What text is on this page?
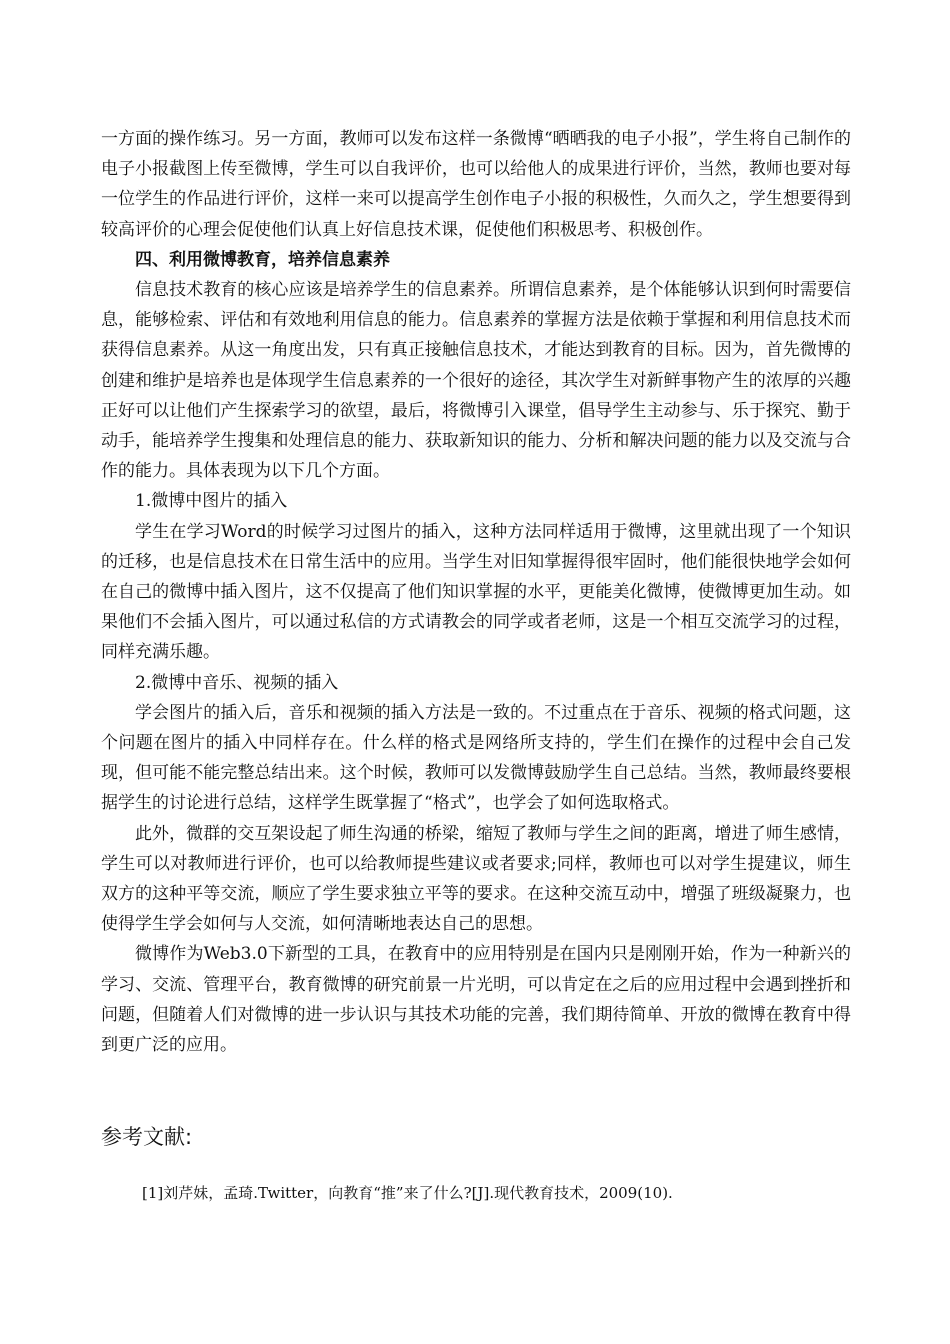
一方面的操作练习。另一方面，教师可以发布这样一条微博“晒晒我的电子小报”，学生将自己制作的电子小报截图上传至微博，学生可以自我评价，也可以给他人的成果进行评价，当然，教师也要对每一位学生的作品进行评价，这样一来可以提高学生创作电子小报的积极性，久而久之，学生想要得到较高评价的心理会促使他们认真上好信息技术课，促使他们积极思考、积极创作。

四、利用微博教育，培养信息素养

信息技术教育的核心应该是培养学生的信息素养。所谓信息素养，是个体能够认识到何时需要信息，能够检索、评估和有效地利用信息的能力。信息素养的掌握方法是依赖于掌握和利用信息技术而获得信息素养。从这一角度出发，只有真正接触信息技术，才能达到教育的目标。因为，首先微博的创建和维护是培养也是体现学生信息素养的一个很好的途径，其次学生对新鲜事物产生的浓厚的兴趣正好可以让他们产生探索学习的欲望，最后，将微博引入课堂，倡导学生主动参与、乐于探究、勤于动手，能培养学生搜集和处理信息的能力、获取新知识的能力、分析和解决问题的能力以及交流与合作的能力。具体表现为以下几个方面。

1.微博中图片的插入

学生在学习Word的时候学习过图片的插入，这种方法同样适用于微博，这里就出现了一个知识的迁移，也是信息技术在日常生活中的应用。当学生对旧知掌握得很牢固时，他们能很快地学会如何在自己的微博中插入图片，这不仅提高了他们知识掌握的水平，更能美化微博，使微博更加生动。如果他们不会插入图片，可以通过私信的方式请教会的同学或者老师，这是一个相互交流学习的过程，同样充满乐趣。

2.微博中音乐、视频的插入

学会图片的插入后，音乐和视频的插入方法是一致的。不过重点在于音乐、视频的格式问题，这个问题在图片的插入中同样存在。什么样的格式是网络所支持的，学生们在操作的过程中会自己发现，但可能不能完整总结出来。这个时候，教师可以发微博鼓励学生自己总结。当然，教师最终要根据学生的讨论进行总结，这样学生既掌握了“格式”，也学会了如何选取格式。

此外，微群的交互架设起了师生沟通的桥梁，缩短了教师与学生之间的距离，增进了师生感情，学生可以对教师进行评价，也可以给教师提些建议或者要求;同样，教师也可以对学生提建议，师生双方的这种平等交流，顺应了学生要求独立平等的要求。在这种交流互动中，增强了班级凝聚力，也使得学生学会如何与人交流，如何清晰地表达自己的思想。

微博作为Web3.0下新型的工具，在教育中的应用特别是在国内只是刚刚开始，作为一种新兴的学习、交流、管理平台，教育微博的研究前景一片光明，可以肯定在之后的应用过程中会遇到挫折和问题，但随着人们对微博的进一步认识与其技术功能的完善，我们期待简单、开放的微博在教育中得到更广泛的应用。

参考文献:

[1]刘芹妹，孟琦.Twitter，向教育“推”来了什么?[J].现代教育技术，2009(10).
